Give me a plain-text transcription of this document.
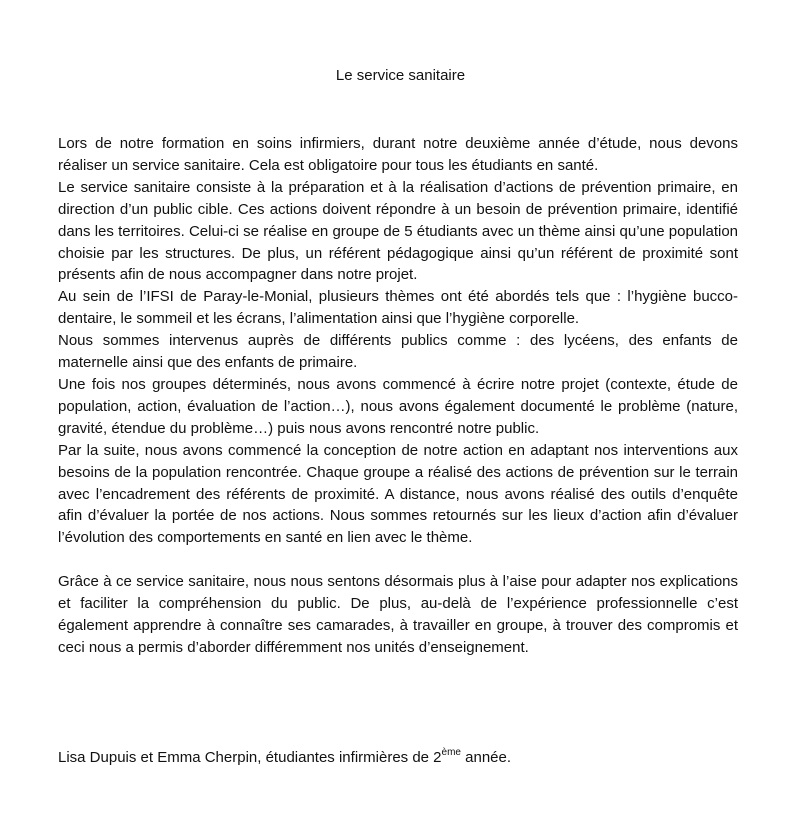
Le service sanitaire

Lors de notre formation en soins infirmiers, durant notre deuxième année d’étude, nous devons réaliser un service sanitaire. Cela est obligatoire pour tous les étudiants en santé.

Le service sanitaire consiste à la préparation et à la réalisation d’actions de prévention primaire, en direction d’un public cible. Ces actions doivent répondre à un besoin de prévention primaire, identifié dans les territoires. Celui-ci se réalise en groupe de 5 étudiants avec un thème ainsi qu’une population choisie par les structures. De plus, un référent pédagogique ainsi qu’un référent de proximité sont présents afin de nous accompagner dans notre projet.

Au sein de l’IFSI de Paray-le-Monial, plusieurs thèmes ont été abordés tels que : l’hygiène bucco-dentaire, le sommeil et les écrans, l’alimentation ainsi que l’hygiène corporelle.

Nous sommes intervenus auprès de différents publics comme : des lycéens, des enfants de maternelle ainsi que des enfants de primaire.

Une fois nos groupes déterminés, nous avons commencé à écrire notre projet (contexte, étude de population, action, évaluation de l’action…), nous avons également documenté le problème (nature, gravité, étendue du problème…) puis nous avons rencontré notre public.

Par la suite, nous avons commencé la conception de notre action en adaptant nos interventions aux besoins de la population rencontrée. Chaque groupe a réalisé des actions de prévention sur le terrain avec l’encadrement des référents de proximité. A distance, nous avons réalisé des outils d’enquête afin d’évaluer la portée de nos actions. Nous sommes retournés sur les lieux d’action afin d’évaluer l’évolution des comportements en santé en lien avec le thème.

Grâce à ce service sanitaire, nous nous sentons désormais plus à l’aise pour adapter nos explications et faciliter la compréhension du public. De plus, au-delà de l’expérience professionnelle c’est également apprendre à connaître ses camarades, à travailler en groupe, à trouver des compromis et ceci nous a permis d’aborder différemment nos unités d’enseignement.

Lisa Dupuis et Emma Cherpin, étudiantes infirmières de 2ème année.
